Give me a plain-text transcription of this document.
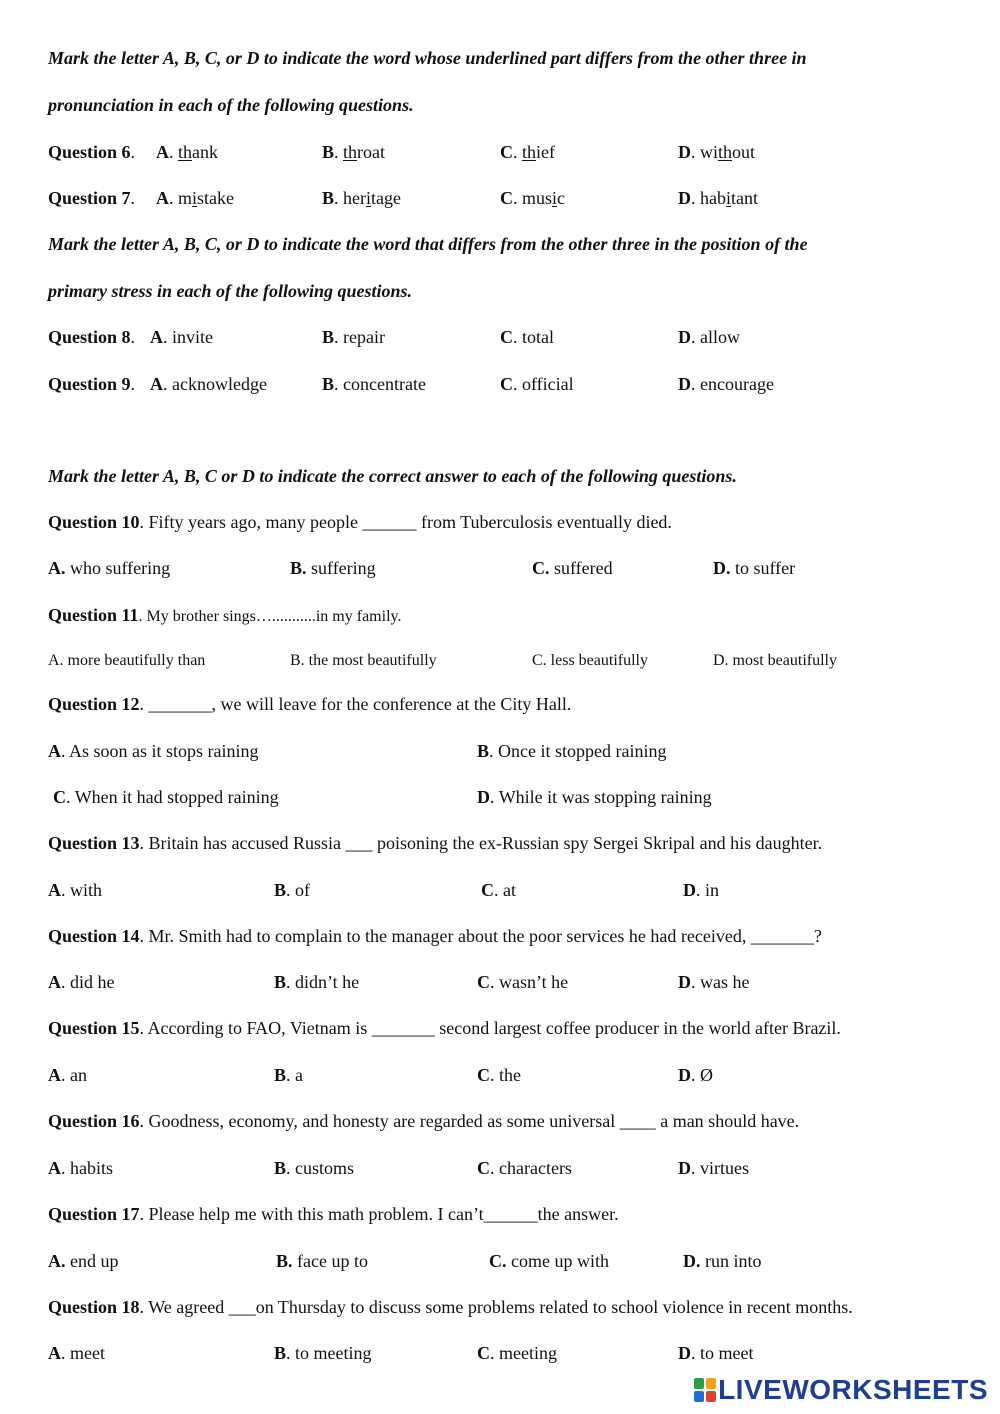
Mark the letter A, B, C, or D to indicate the word whose underlined part differs from the other three in
pronunciation in each of the following questions.
Question 6. A. thank	B. throat	C. thief	D. without
Question 7. A. mistake	B. heritage	C. music	D. habitant
Mark the letter A, B, C, or D to indicate the word that differs from the other three in the position of the
primary stress in each of the following questions.
Question 8. A. invite	B. repair	C. total	D. allow
Question 9. A. acknowledge	B. concentrate	C. official	D. encourage
Mark the letter A, B, C or D to indicate the correct answer to each of the following questions.
Question 10. Fifty years ago, many people ______ from Tuberculosis eventually died.
A. who suffering	B. suffering	C. suffered	D. to suffer
Question 11. My brother sings…...........in my family.
A. more beautifully than	B. the most beautifully	C. less beautifully	D. most beautifully
Question 12. _______, we will leave for the conference at the City Hall.
A. As soon as it stops raining	B. Once it stopped raining
C. When it had stopped raining	D. While it was stopping raining
Question 13. Britain has accused Russia ___ poisoning the ex-Russian spy Sergei Skripal and his daughter.
A. with	B. of	C. at	D. in
Question 14. Mr. Smith had to complain to the manager about the poor services he had received, _______?
A. did he	B. didn’t he	C. wasn’t he	D. was he
Question 15. According to FAO, Vietnam is _______ second largest coffee producer in the world after Brazil.
A. an	B. a	C. the	D. Ø
Question 16. Goodness, economy, and honesty are regarded as some universal ____ a man should have.
A. habits	B. customs	C. characters	D. virtues
Question 17. Please help me with this math problem. I can’t______the answer.
A. end up	B. face up to	C. come up with	D. run into
Question 18. We agreed ___on Thursday to discuss some problems related to school violence in recent months.
A. meet	B. to meeting	C. meeting	D. to meet
LIVEWORKSHEETS
